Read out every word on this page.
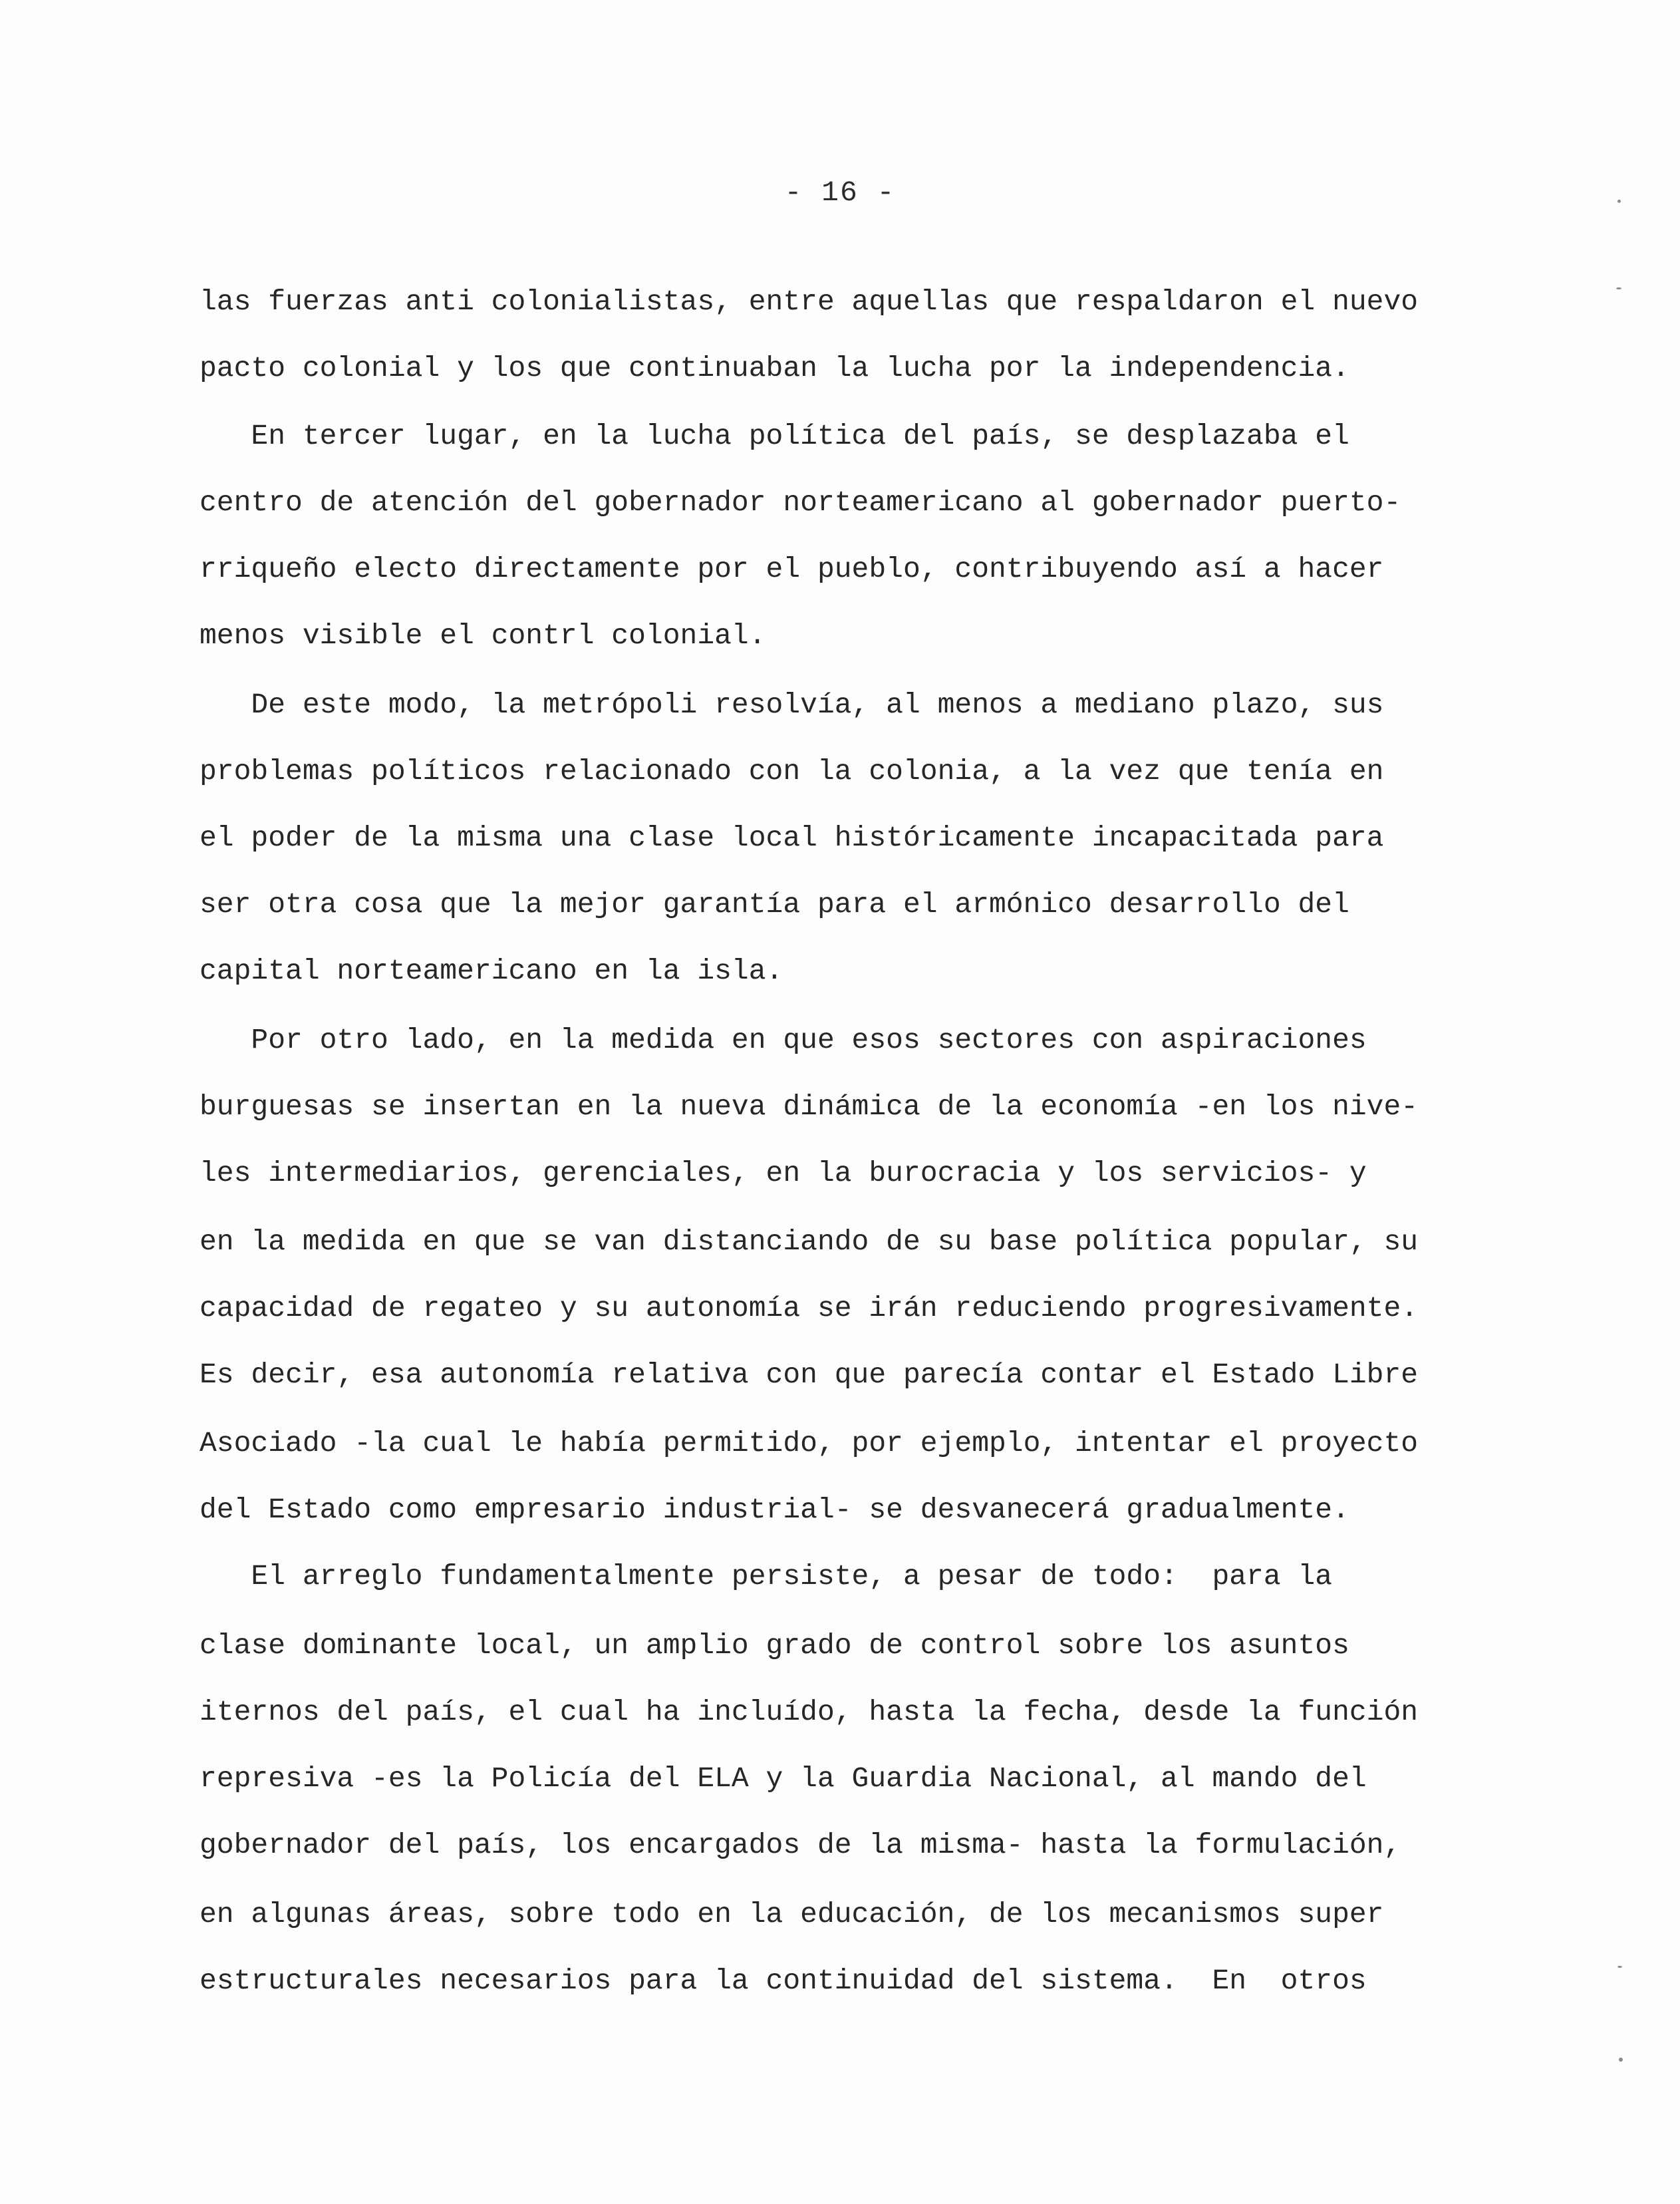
- 16 -
las fuerzas anti colonialistas, entre aquellas que respaldaron el nuevo
pacto colonial y los que continuaban la lucha por la independencia.
En tercer lugar, en la lucha política del país, se desplazaba el
centro de atención del gobernador norteamericano al gobernador puerto-
rriqueño electo directamente por el pueblo, contribuyendo así a hacer
menos visible el contrl colonial.
De este modo, la metrópoli resolvía, al menos a mediano plazo, sus
problemas políticos relacionado con la colonia, a la vez que tenía en
el poder de la misma una clase local históricamente incapacitada para
ser otra cosa que la mejor garantía para el armónico desarrollo del
capital norteamericano en la isla.
Por otro lado, en la medida en que esos sectores con aspiraciones
burguesas se insertan en la nueva dinámica de la economía -en los nive-
les intermediarios, gerenciales, en la burocracia y los servicios- y
en la medida en que se van distanciando de su base política popular, su
capacidad de regateo y su autonomía se irán reduciendo progresivamente.
Es decir, esa autonomía relativa con que parecía contar el Estado Libre
Asociado -la cual le había permitido, por ejemplo, intentar el proyecto
del Estado como empresario industrial- se desvanecerá gradualmente.
El arreglo fundamentalmente persiste, a pesar de todo:  para la
clase dominante local, un amplio grado de control sobre los asuntos
iternos del país, el cual ha incluído, hasta la fecha, desde la función
represiva -es la Policía del ELA y la Guardia Nacional, al mando del
gobernador del país, los encargados de la misma- hasta la formulación,
en algunas áreas, sobre todo en la educación, de los mecanismos super
estructurales necesarios para la continuidad del sistema.  En  otros
